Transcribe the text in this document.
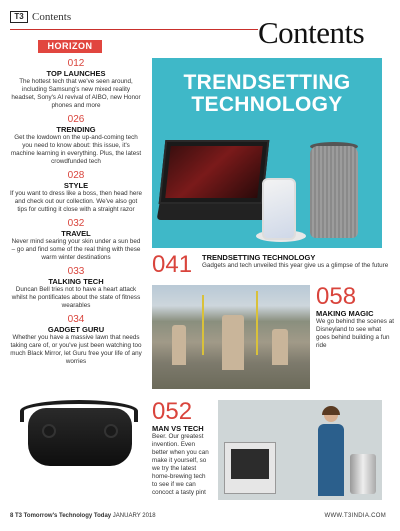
T3 Contents	Contents
HORIZON
012
TOP LAUNCHES
The hottest tech that we've seen around, including Samsung's new mixed reality headset, Sony's AI revival of AIBO, new Honor phones and more
026
TRENDING
Get the lowdown on the up-and-coming tech you need to know about: this issue, it's machine learning in everything. Plus, the latest crowdfunded tech
028
STYLE
If you want to dress like a boss, then head here and check out our collection. We've also got tips for cutting it close with a straight razor
032
TRAVEL
Never mind searing your skin under a sun bed – go and find some of the real thing with these warm winter destinations
033
TALKING TECH
Duncan Bell tries not to have a heart attack whilst he pontificates about the state of fitness wearables
034
GADGET GURU
Whether you have a massive lawn that needs taking care of, or you've just been watching too much Black Mirror, let Guru free your life of any worries
TRENDSETTING
TECHNOLOGY
041 TRENDSETTING TECHNOLOGY
Gadgets and tech unveiled this year give us a glimpse of the future
058
MAKING MAGIC
We go behind the scenes at Disneyland to see what goes behind building a fun ride
052
MAN VS TECH
Beer. Our greatest invention. Even better when you can make it yourself, so we try the latest home-brewing tech to see if we can concoct a tasty pint
8 T3 Tomorrow's Technology Today JANUARY 2018	WWW.T3INDIA.COM
